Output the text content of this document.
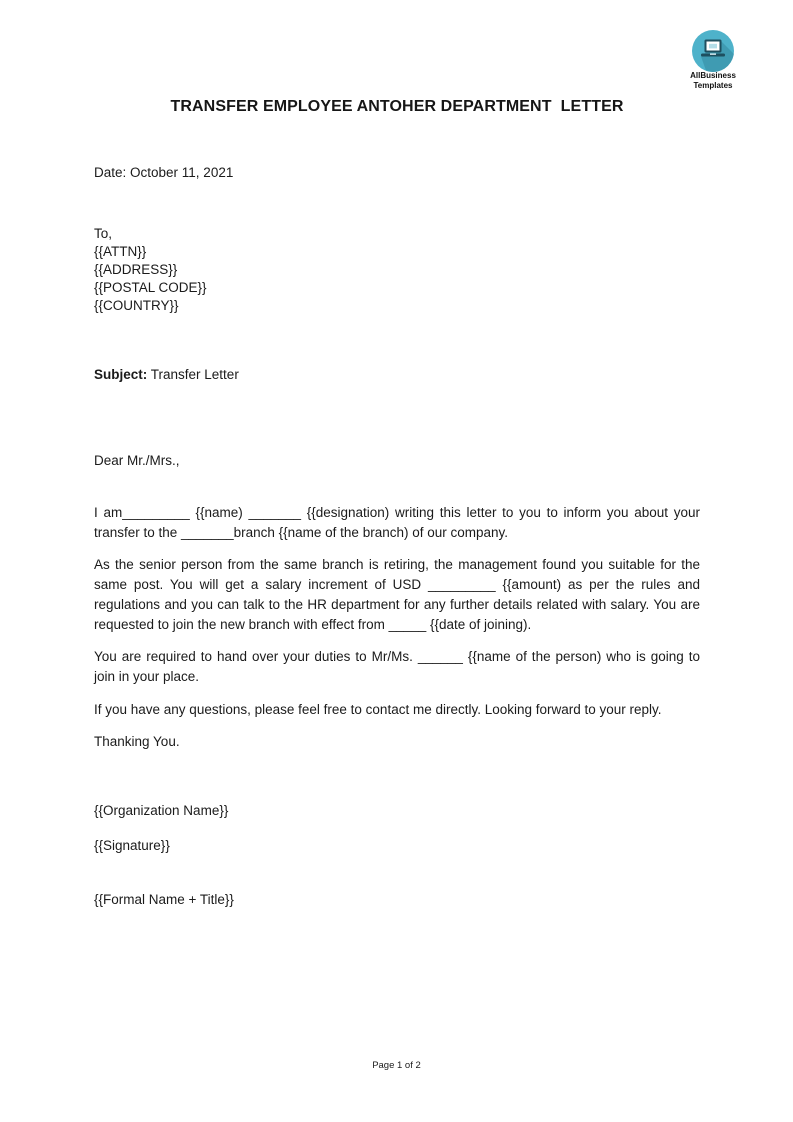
AllBusiness
Templates
TRANSFER EMPLOYEE ANTOHER DEPARTMENT  LETTER
Date: October 11, 2021
To,
{{ATTN}}
{{ADDRESS}}
{{POSTAL CODE}}
{{COUNTRY}}
Subject: Transfer Letter
Dear Mr./Mrs.,

I am_________ {{name) _______ {{designation) writing this letter to you to inform you about your transfer to the _______branch {{name of the branch) of our company.

As the senior person from the same branch is retiring, the management found you suitable for the same post. You will get a salary increment of USD _________ {{amount) as per the rules and regulations and you can talk to the HR department for any further details related with salary. You are requested to join the new branch with effect from _____ {{date of joining).

You are required to hand over your duties to Mr/Ms. ______ {{name of the person) who is going to join in your place.

If you have any questions, please feel free to contact me directly. Looking forward to your reply.

Thanking You.

{{Organization Name}}
{{Signature}}
{{Formal Name + Title}}
Page 1 of 2
